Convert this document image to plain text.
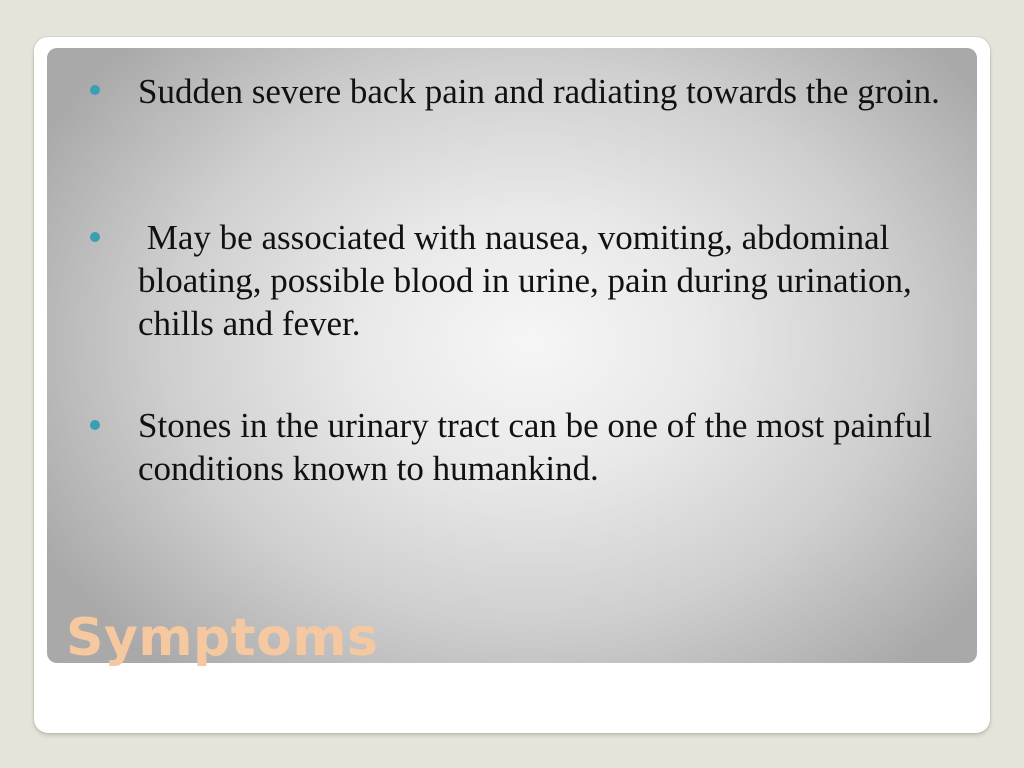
Sudden severe back pain and radiating towards the groin.
May be associated with nausea, vomiting, abdominal bloating, possible blood in urine, pain during urination, chills and fever.
Stones in the urinary tract can be one of the most painful conditions known to humankind.
Symptoms
